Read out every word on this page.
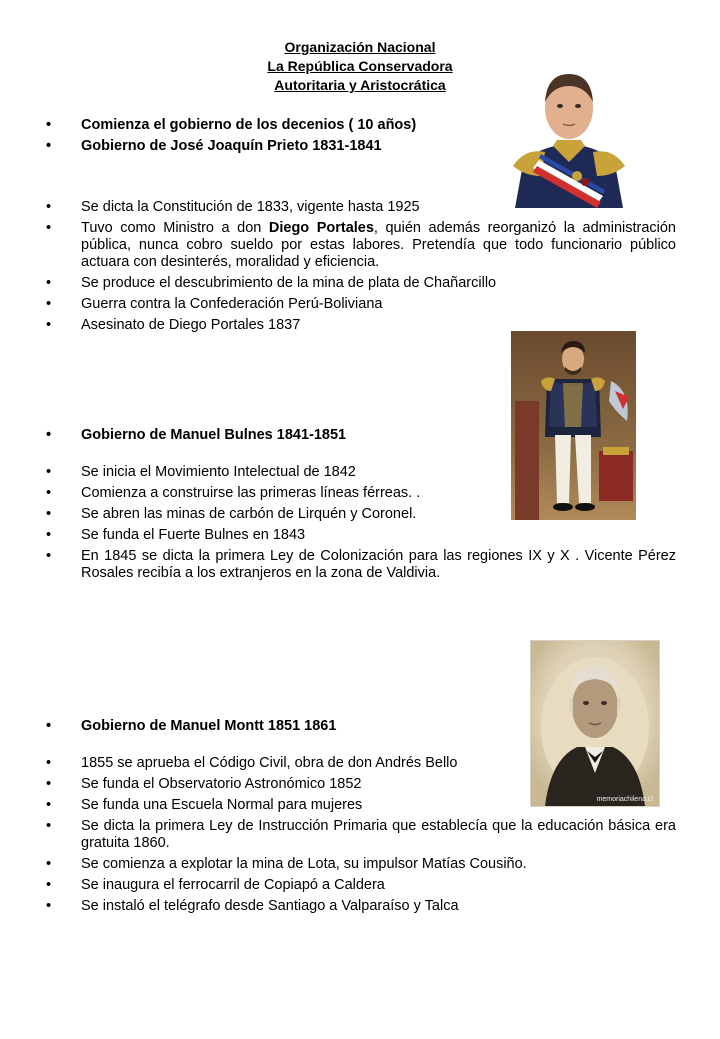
Organización Nacional
La República Conservadora
Autoritaria y Aristocrática
memoriachilena.cl

• Comienza el gobierno de los decenios ( 10 años)

• Gobierno de José Joaquín Prieto 1831-1841

• Se dicta la Constitución de 1833, vigente hasta 1925

• Tuvo como Ministro a don Diego Portales, quién además reorganizó la administración pública, nunca cobro sueldo por estas labores. Pretendía que todo funcionario público actuara con desinterés, moralidad y eficiencia.

• Se produce el descubrimiento de la mina de plata de Chañarcillo

• Guerra contra la Confederación Perú-Boliviana

• Asesinato de Diego Portales 1837

• Gobierno de Manuel Bulnes 1841-1851

• Se inicia el Movimiento Intelectual de 1842

• Comienza a construirse las primeras líneas férreas. .

• Se abren las minas de carbón de Lirquén y Coronel.

• Se funda el Fuerte Bulnes en 1843

• En 1845 se dicta la primera Ley de Colonización para las regiones IX y X . Vicente Pérez Rosales recibía a los extranjeros en la zona de Valdivia.

• Gobierno de Manuel Montt 1851 1861

• 1855 se aprueba el Código Civil, obra de don Andrés Bello

• Se funda el Observatorio Astronómico 1852

• Se funda una Escuela Normal para mujeres

• Se dicta la primera Ley de Instrucción Primaria que establecía que la educación básica era gratuita 1860.

• Se comienza a explotar la mina de Lota, su impulsor Matías Cousiño.

• Se inaugura el ferrocarril de Copiapó a Caldera

• Se instaló el telégrafo desde Santiago a Valparaíso y Talca
